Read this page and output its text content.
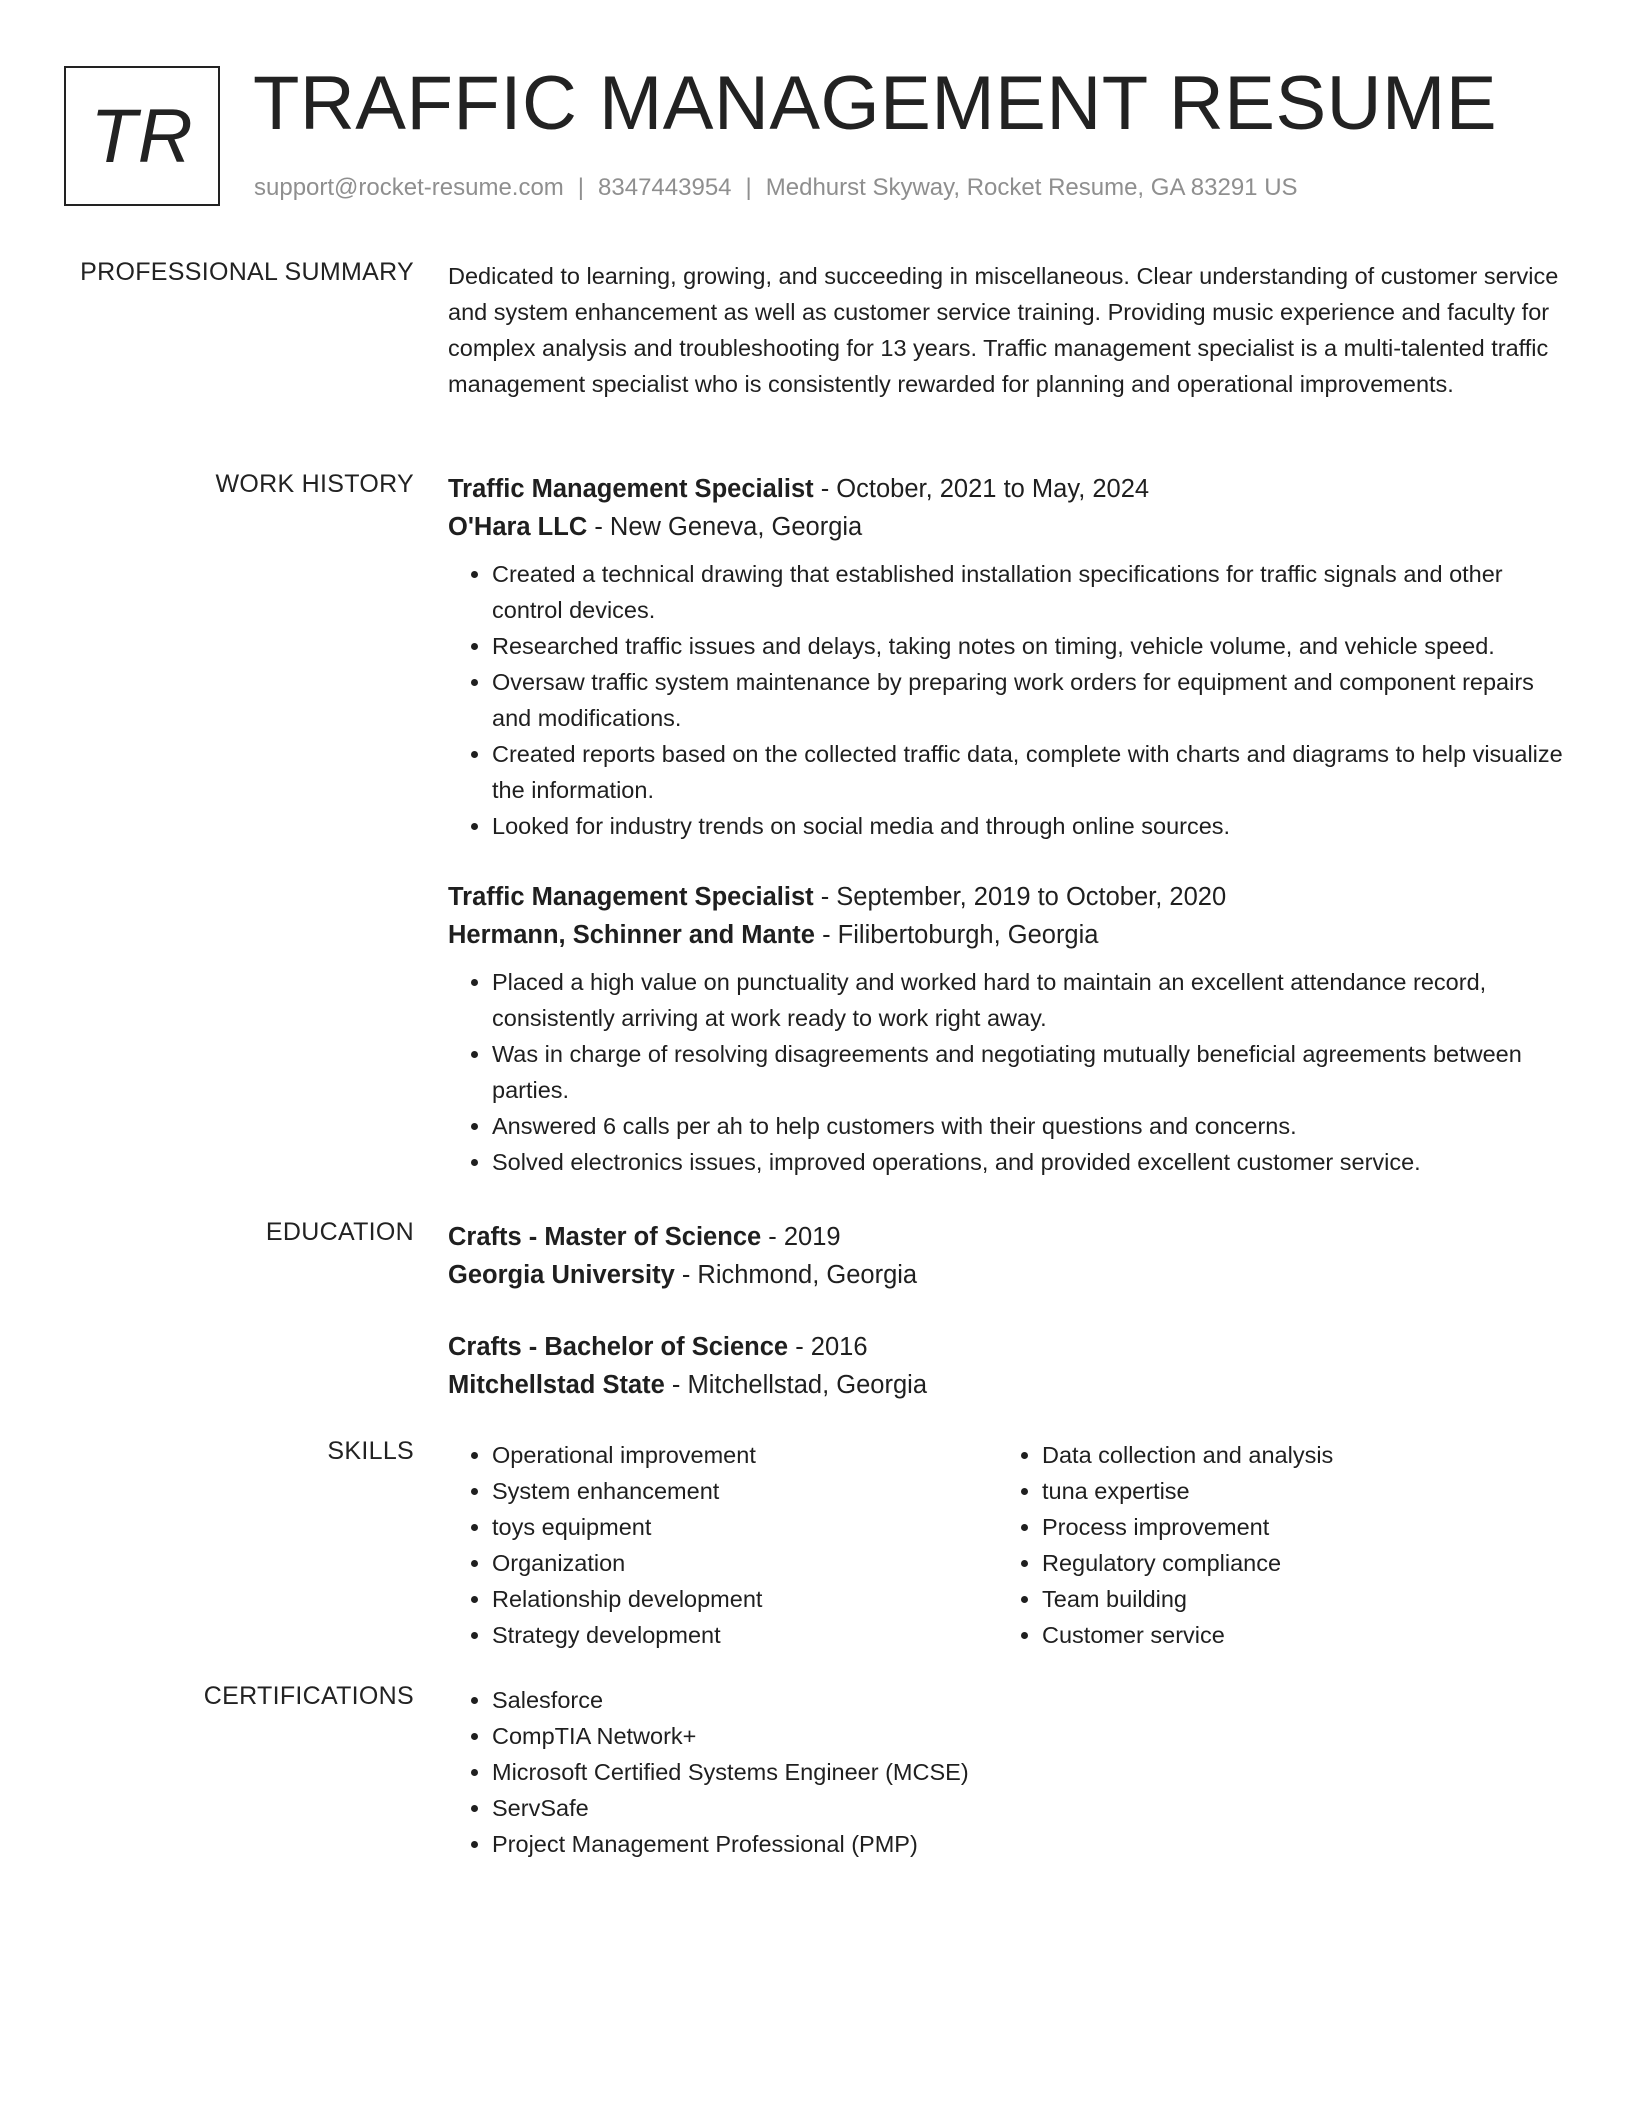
TR TRAFFIC MANAGEMENT RESUME
support@rocket-resume.com | 8347443954 | Medhurst Skyway, Rocket Resume, GA 83291 US
PROFESSIONAL SUMMARY Dedicated to learning, growing, and succeeding in miscellaneous. Clear understanding of customer service and system enhancement as well as customer service training. Providing music experience and faculty for complex analysis and troubleshooting for 13 years. Traffic management specialist is a multi-talented traffic management specialist who is consistently rewarded for planning and operational improvements.

WORK HISTORY Traffic Management Specialist - October, 2021 to May, 2024
O'Hara LLC - New Geneva, Georgia
• Created a technical drawing that established installation specifications for traffic signals and other control devices.
• Researched traffic issues and delays, taking notes on timing, vehicle volume, and vehicle speed.
• Oversaw traffic system maintenance by preparing work orders for equipment and component repairs and modifications.
• Created reports based on the collected traffic data, complete with charts and diagrams to help visualize the information.
• Looked for industry trends on social media and through online sources.
Traffic Management Specialist - September, 2019 to October, 2020
Hermann, Schinner and Mante - Filibertoburgh, Georgia
• Placed a high value on punctuality and worked hard to maintain an excellent attendance record, consistently arriving at work ready to work right away.
• Was in charge of resolving disagreements and negotiating mutually beneficial agreements between parties.
• Answered 6 calls per ah to help customers with their questions and concerns.
• Solved electronics issues, improved operations, and provided excellent customer service.
EDUCATION Crafts - Master of Science - 2019
Georgia University - Richmond, Georgia
Crafts - Bachelor of Science - 2016
Mitchellstad State - Mitchellstad, Georgia
SKILLS	• Operational improvement
• System enhancement
• toys equipment
• Organization
• Relationship development
• Strategy development
• Data collection and analysis
• tuna expertise
• Process improvement
• Regulatory compliance
• Team building
• Customer service
CERTIFICATIONS	• Salesforce
• CompTIA Network+
• Microsoft Certified Systems Engineer (MCSE)
• ServSafe
• Project Management Professional (PMP)
